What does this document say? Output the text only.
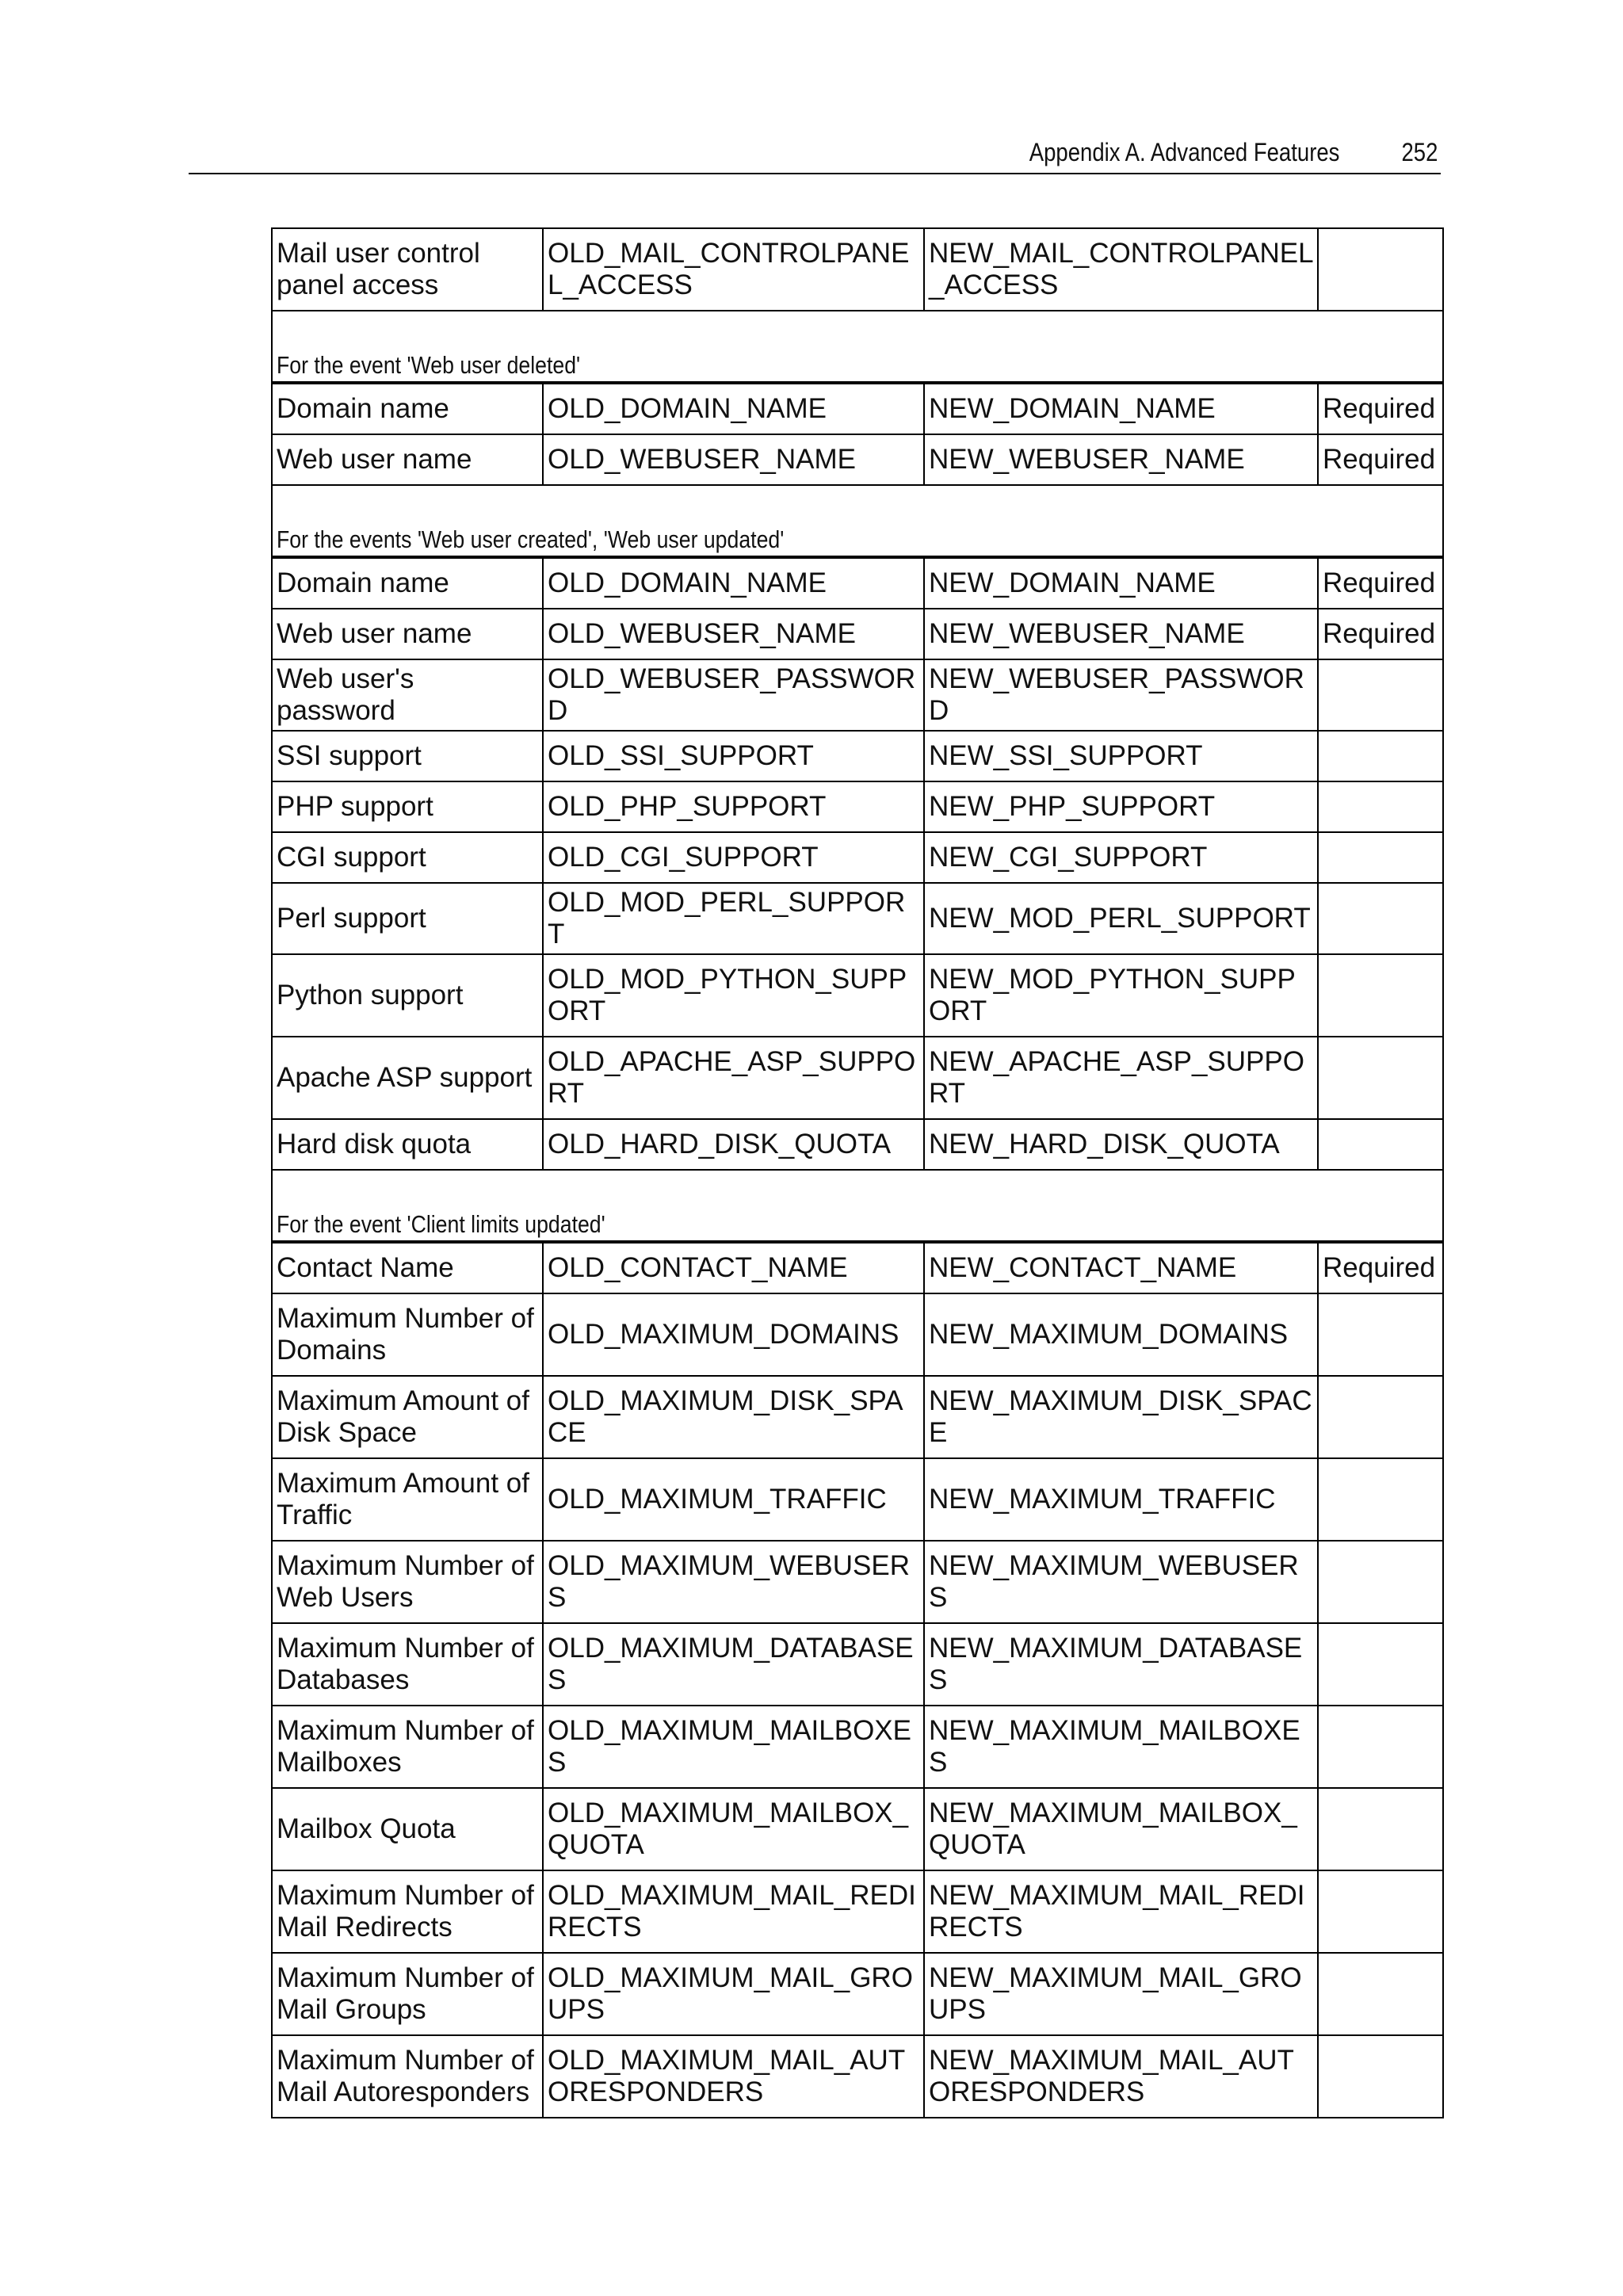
Appendix A. Advanced Features 252
Mail user control panel access	OLD_MAIL_CONTROLPANEL_ACCESS	NEW_MAIL_CONTROLPANEL_ACCESS	
For the event 'Web user deleted'			
Domain name	OLD_DOMAIN_NAME	NEW_DOMAIN_NAME	Required
Web user name	OLD_WEBUSER_NAME	NEW_WEBUSER_NAME	Required
For the events 'Web user created', 'Web user updated'			
Domain name	OLD_DOMAIN_NAME	NEW_DOMAIN_NAME	Required
Web user name	OLD_WEBUSER_NAME	NEW_WEBUSER_NAME	Required
Web user's password	OLD_WEBUSER_PASSWORD	NEW_WEBUSER_PASSWORD	
SSI support	OLD_SSI_SUPPORT	NEW_SSI_SUPPORT	
PHP support	OLD_PHP_SUPPORT	NEW_PHP_SUPPORT	
CGI support	OLD_CGI_SUPPORT	NEW_CGI_SUPPORT	
Perl support	OLD_MOD_PERL_SUPPORT	NEW_MOD_PERL_SUPPORT	
Python support	OLD_MOD_PYTHON_SUPPORT	NEW_MOD_PYTHON_SUPPORT	
Apache ASP support	OLD_APACHE_ASP_SUPPORT	NEW_APACHE_ASP_SUPPORT	
Hard disk quota	OLD_HARD_DISK_QUOTA	NEW_HARD_DISK_QUOTA	
For the event 'Client limits updated'			
Contact Name	OLD_CONTACT_NAME	NEW_CONTACT_NAME	Required
Maximum Number of Domains	OLD_MAXIMUM_DOMAINS	NEW_MAXIMUM_DOMAINS	
Maximum Amount of Disk Space	OLD_MAXIMUM_DISK_SPACE	NEW_MAXIMUM_DISK_SPACE	
Maximum Amount of Traffic	OLD_MAXIMUM_TRAFFIC	NEW_MAXIMUM_TRAFFIC	
Maximum Number of Web Users	OLD_MAXIMUM_WEBUSERS	NEW_MAXIMUM_WEBUSERS	
Maximum Number of Databases	OLD_MAXIMUM_DATABASES	NEW_MAXIMUM_DATABASES	
Maximum Number of Mailboxes	OLD_MAXIMUM_MAILBOXES	NEW_MAXIMUM_MAILBOXES	
Mailbox Quota	OLD_MAXIMUM_MAILBOX_QUOTA	NEW_MAXIMUM_MAILBOX_QUOTA	
Maximum Number of Mail Redirects	OLD_MAXIMUM_MAIL_REDIRECTS	NEW_MAXIMUM_MAIL_REDIRECTS	
Maximum Number of Mail Groups	OLD_MAXIMUM_MAIL_GROUPS	NEW_MAXIMUM_MAIL_GROUPS	
Maximum Number of Mail Autoresponders	OLD_MAXIMUM_MAIL_AUTORESPONDERS	NEW_MAXIMUM_MAIL_AUTORESPONDERS	
